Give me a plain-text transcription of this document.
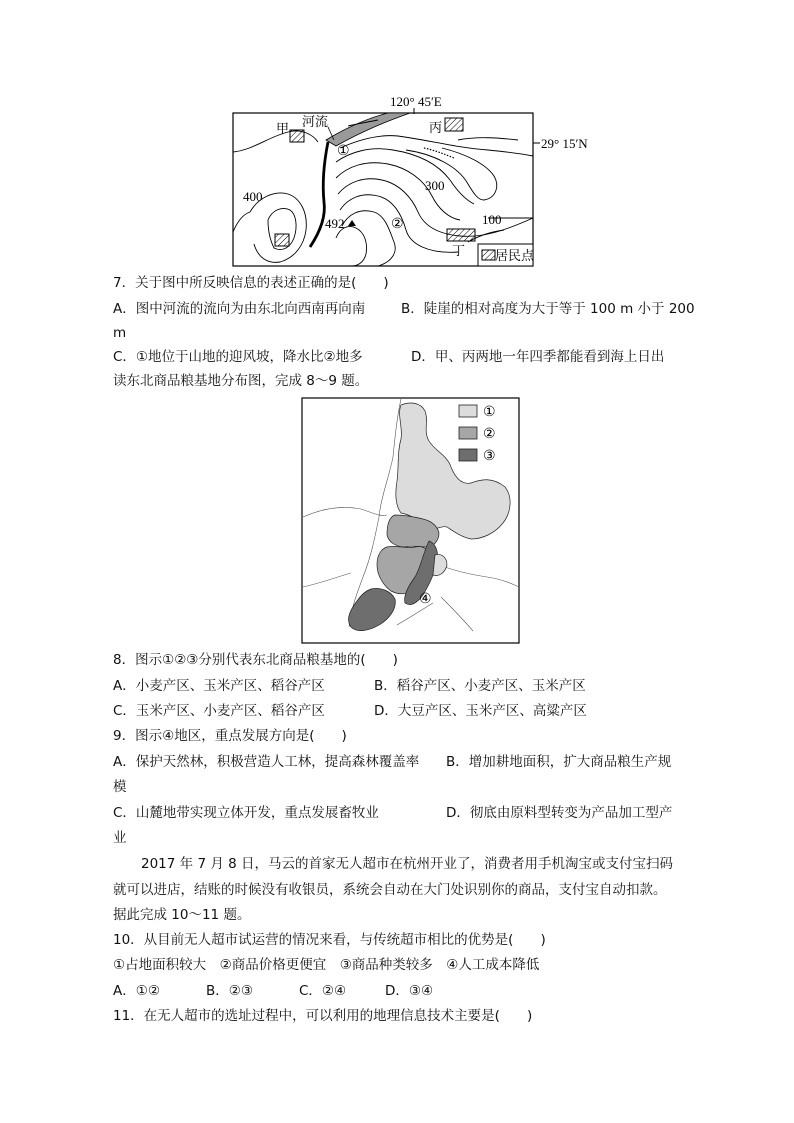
120° 45′E
29° 15′N
河流
甲	丙
丁
①
②
400
300
100
492
居民点
7．关于图中所反映信息的表述正确的是(　　)
A．图中河流的流向为由东北向西南再向南	B．陡崖的相对高度为大于等于 100 m 小于 200
m
C．①地位于山地的迎风坡，降水比②地多	D．甲、丙两地一年四季都能看到海上日出
读东北商品粮基地分布图，完成 8～9 题。
④
①
②
③
8．图示①②③分别代表东北商品粮基地的(　　)
A．小麦产区、玉米产区、稻谷产区	B．稻谷产区、小麦产区、玉米产区
C．玉米产区、小麦产区、稻谷产区	D．大豆产区、玉米产区、高粱产区
9．图示④地区，重点发展方向是(　　)
A．保护天然林，积极营造人工林，提高森林覆盖率 B．增加耕地面积，扩大商品粮生产规
模
C．山麓地带实现立体开发，重点发展畜牧业	D．彻底由原料型转变为产品加工型产
业
2017 年 7 月 8 日，马云的首家无人超市在杭州开业了，消费者用手机淘宝或支付宝扫码
就可以进店，结账的时候没有收银员，系统会自动在大门处识别你的商品，支付宝自动扣款。
据此完成 10～11 题。
10．从目前无人超市试运营的情况来看，与传统超市相比的优势是(　　)
①占地面积较大　②商品价格更便宜　③商品种类较多　④人工成本降低
A．①②	B．②③	C．②④	D．③④
11．在无人超市的选址过程中，可以利用的地理信息技术主要是(　　)
